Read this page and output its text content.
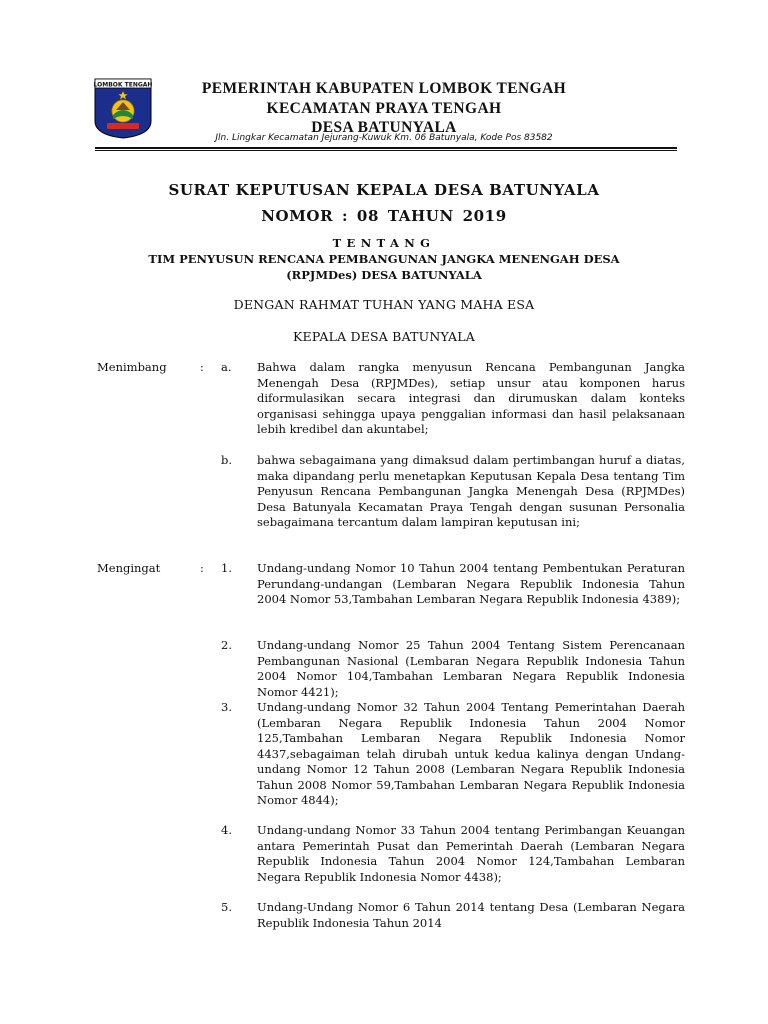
LOMBOK TENGAH	PEMERINTAH KABUPATEN LOMBOK TENGAH
KECAMATAN PRAYA TENGAH
DESA BATUNYALA
Jln. Lingkar Kecamatan Jejurang-Kuwuk Km. 06 Batunyala, Kode Pos 83582
SURAT KEPUTUSAN KEPALA DESA BATUNYALA
NOMOR : 08 TAHUN 2019
TENTANG
TIM PENYUSUN RENCANA PEMBANGUNAN JANGKA MENENGAH DESA
(RPJMDes) DESA BATUNYALA
DENGAN RAHMAT TUHAN YANG MAHA ESA
KEPALA DESA BATUNYALA
Menimbang	: a. Bahwa dalam rangka menyusun Rencana Pembangunan Jangka Menengah Desa (RPJMDes), setiap unsur atau komponen harus diformulasikan secara integrasi dan dirumuskan dalam konteks organisasi sehingga upaya penggalian informasi dan hasil pelaksanaan lebih kredibel dan akuntabel;
b. bahwa sebagaimana yang dimaksud dalam pertimbangan huruf a diatas, maka dipandang perlu menetapkan Keputusan Kepala Desa tentang Tim Penyusun Rencana Pembangunan Jangka Menengah Desa (RPJMDes) Desa Batunyala Kecamatan Praya Tengah dengan susunan Personalia sebagaimana tercantum dalam lampiran keputusan ini;
Mengingat	: 1. Undang-undang Nomor 10 Tahun 2004 tentang Pembentukan Peraturan Perundang-undangan (Lembaran Negara Republik Indonesia Tahun 2004 Nomor 53,Tambahan Lembaran Negara Republik Indonesia 4389);
2. Undang-undang Nomor 25 Tahun 2004 Tentang Sistem Perencanaan Pembangunan Nasional (Lembaran Negara Republik Indonesia Tahun 2004 Nomor 104,Tambahan Lembaran Negara Republik Indonesia Nomor 4421);
3. Undang-undang Nomor 32 Tahun 2004 Tentang Pemerintahan Daerah (Lembaran Negara Republik Indonesia Tahun 2004 Nomor 125,Tambahan Lembaran Negara Republik Indonesia Nomor 4437,sebagaiman telah dirubah untuk kedua kalinya dengan Undang-undang Nomor 12 Tahun 2008 (Lembaran Negara Republik Indonesia Tahun 2008 Nomor 59,Tambahan Lembaran Negara Republik Indonesia Nomor 4844);
4. Undang-undang Nomor 33 Tahun 2004 tentang Perimbangan Keuangan antara Pemerintah Pusat dan Pemerintah Daerah (Lembaran Negara Republik Indonesia Tahun 2004 Nomor 124,Tambahan Lembaran Negara Republik Indonesia Nomor 4438);
5. Undang-Undang Nomor 6 Tahun 2014 tentang Desa (Lembaran Negara Republik Indonesia Tahun 2014
